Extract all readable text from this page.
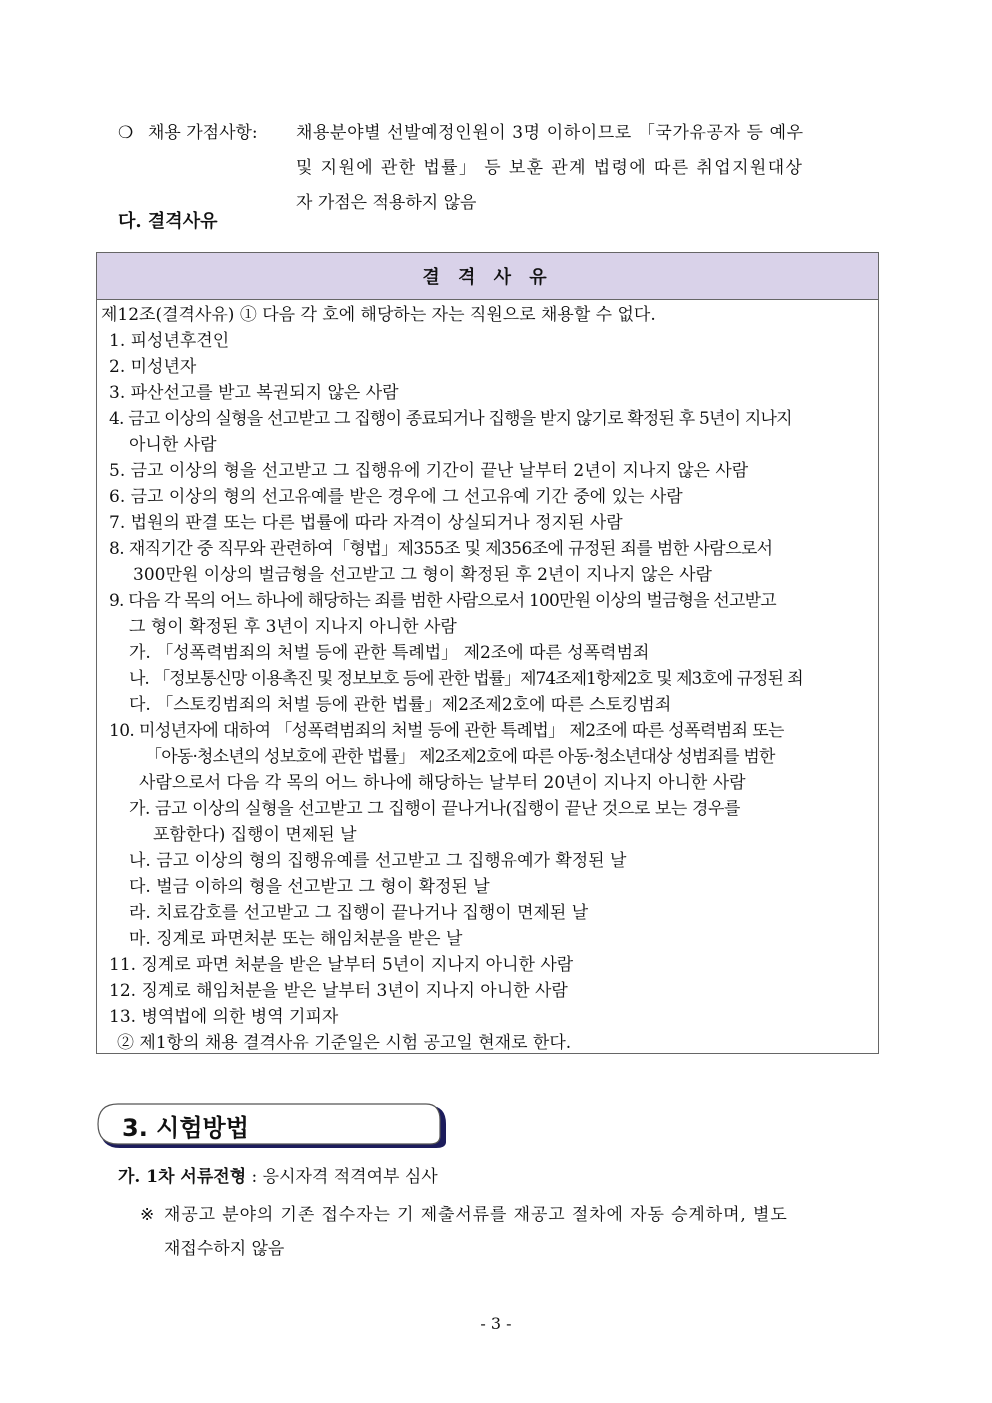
❍ 채용 가점사항: 채용분야별 선발예정인원이 3명 이하이므로 「국가유공자 등 예우
및 지원에 관한 법률」 등 보훈 관계 법령에 따른 취업지원대상
자 가점은 적용하지 않음
다. 결격사유
결 격 사 유
제12조(결격사유) ① 다음 각 호에 해당하는 자는 직원으로 채용할 수 없다.
1. 피성년후견인
2. 미성년자
3. 파산선고를 받고 복권되지 않은 사람
4. 금고 이상의 실형을 선고받고 그 집행이 종료되거나 집행을 받지 않기로 확정된 후 5년이 지나지
아니한 사람
5. 금고 이상의 형을 선고받고 그 집행유에 기간이 끝난 날부터 2년이 지나지 않은 사람
6. 금고 이상의 형의 선고유예를 받은 경우에 그 선고유예 기간 중에 있는 사람
7. 법원의 판결 또는 다른 법률에 따라 자격이 상실되거나 정지된 사람
8. 재직기간 중 직무와 관련하여「형법」제355조 및 제356조에 규정된 죄를 범한 사람으로서
300만원 이상의 벌금형을 선고받고 그 형이 확정된 후 2년이 지나지 않은 사람
9. 다음 각 목의 어느 하나에 해당하는 죄를 범한 사람으로서 100만원 이상의 벌금형을 선고받고
그 형이 확정된 후 3년이 지나지 아니한 사람
가. 「성폭력범죄의 처벌 등에 관한 특례법」 제2조에 따른 성폭력범죄
나. 「정보통신망 이용촉진 및 정보보호 등에 관한 법률」제74조제1항제2호 및 제3호에 규정된 죄
다. 「스토킹범죄의 처벌 등에 관한 법률」제2조제2호에 따른 스토킹범죄
10. 미성년자에 대하여 「성폭력범죄의 처벌 등에 관한 특례법」 제2조에 따른 성폭력범죄 또는
「아동·청소년의 성보호에 관한 법률」 제2조제2호에 따른 아동·청소년대상 성범죄를 범한
사람으로서 다음 각 목의 어느 하나에 해당하는 날부터 20년이 지나지 아니한 사람
가. 금고 이상의 실형을 선고받고 그 집행이 끝나거나(집행이 끝난 것으로 보는 경우를
포함한다) 집행이 면제된 날
나. 금고 이상의 형의 집행유예를 선고받고 그 집행유예가 확정된 날
다. 벌금 이하의 형을 선고받고 그 형이 확정된 날
라. 치료감호를 선고받고 그 집행이 끝나거나 집행이 면제된 날
마. 징계로 파면처분 또는 해임처분을 받은 날
11. 징계로 파면 처분을 받은 날부터 5년이 지나지 아니한 사람
12. 징계로 해임처분을 받은 날부터 3년이 지나지 아니한 사람
13. 병역법에 의한 병역 기피자
② 제1항의 채용 결격사유 기준일은 시험 공고일 현재로 한다.
3. 시험방법
가. 1차 서류전형 : 응시자격 적격여부 심사
※ 재공고 분야의 기존 접수자는 기 제출서류를 재공고 절차에 자동 승계하며, 별도
재접수하지 않음
- 3 -
